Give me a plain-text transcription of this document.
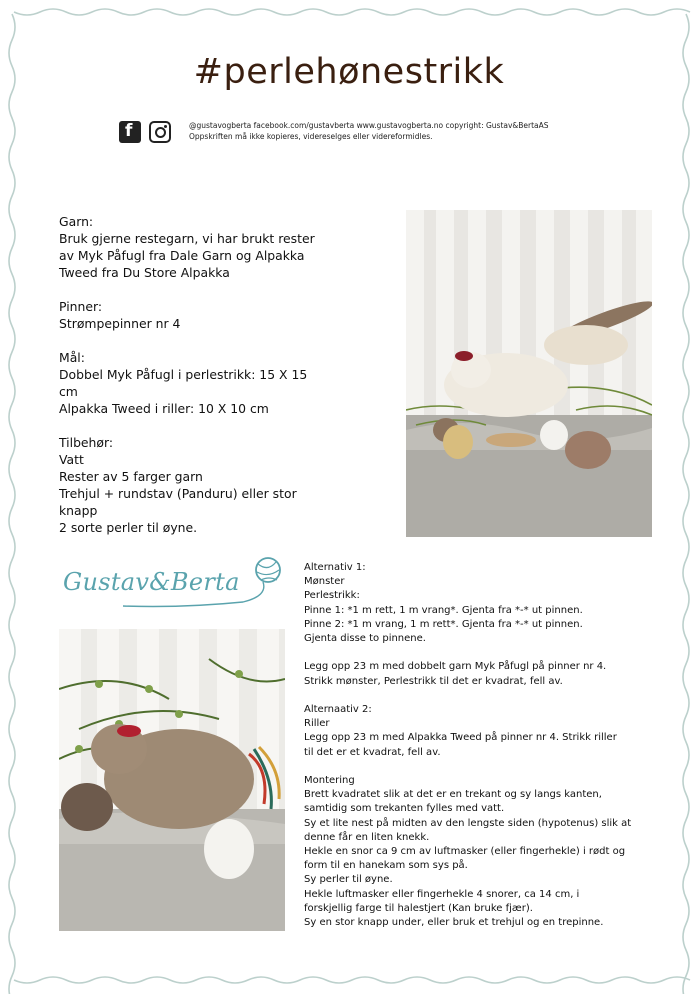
#perlehønestrikk
f
@gustavogberta facebook.com/gustavberta www.gustavogberta.no copyright: Gustav&BertaAS
Oppskriften må ikke kopieres, videreselges eller videreformidles.
Garn:
Bruk gjerne restegarn, vi har brukt rester
av Myk Påfugl fra Dale Garn og Alpakka
Tweed fra Du Store Alpakka
Pinner:
Strømpepinner nr 4
Mål:
Dobbel Myk Påfugl i perlestrikk: 15 X 15
cm
Alpakka Tweed i riller: 10 X 10 cm
Tilbehør:
Vatt
Rester av 5 farger garn
Trehjul + rundstav (Panduru) eller stor
knapp
2 sorte perler til øyne.
Gustav&Berta
Alternativ 1:
Mønster
Perlestrikk:
Pinne 1: *1 m rett, 1 m vrang*. Gjenta fra *-* ut pinnen.
Pinne 2: *1 m vrang, 1 m rett*. Gjenta fra *-* ut pinnen.
Gjenta disse to pinnene.
Legg opp 23 m med dobbelt garn Myk Påfugl på pinner nr 4.
Strikk mønster, Perlestrikk til det er kvadrat, fell av.
Alternaativ 2:
Riller
Legg opp 23 m med Alpakka Tweed på pinner nr 4. Strikk riller
til det er et kvadrat, fell av.
Montering
Brett kvadratet slik at det er en trekant og sy langs kanten,
samtidig som trekanten fylles med vatt.
Sy et lite nest på midten av den lengste siden (hypotenus) slik at
denne får en liten knekk.
Hekle en snor ca 9 cm av luftmasker (eller fingerhekle) i rødt og
form til en hanekam som sys på.
Sy perler til øyne.
Hekle luftmasker eller fingerhekle 4 snorer, ca 14 cm, i
forskjellig farge til halestjert (Kan bruke fjær).
Sy en stor knapp under, eller bruk et trehjul og en trepinne.
